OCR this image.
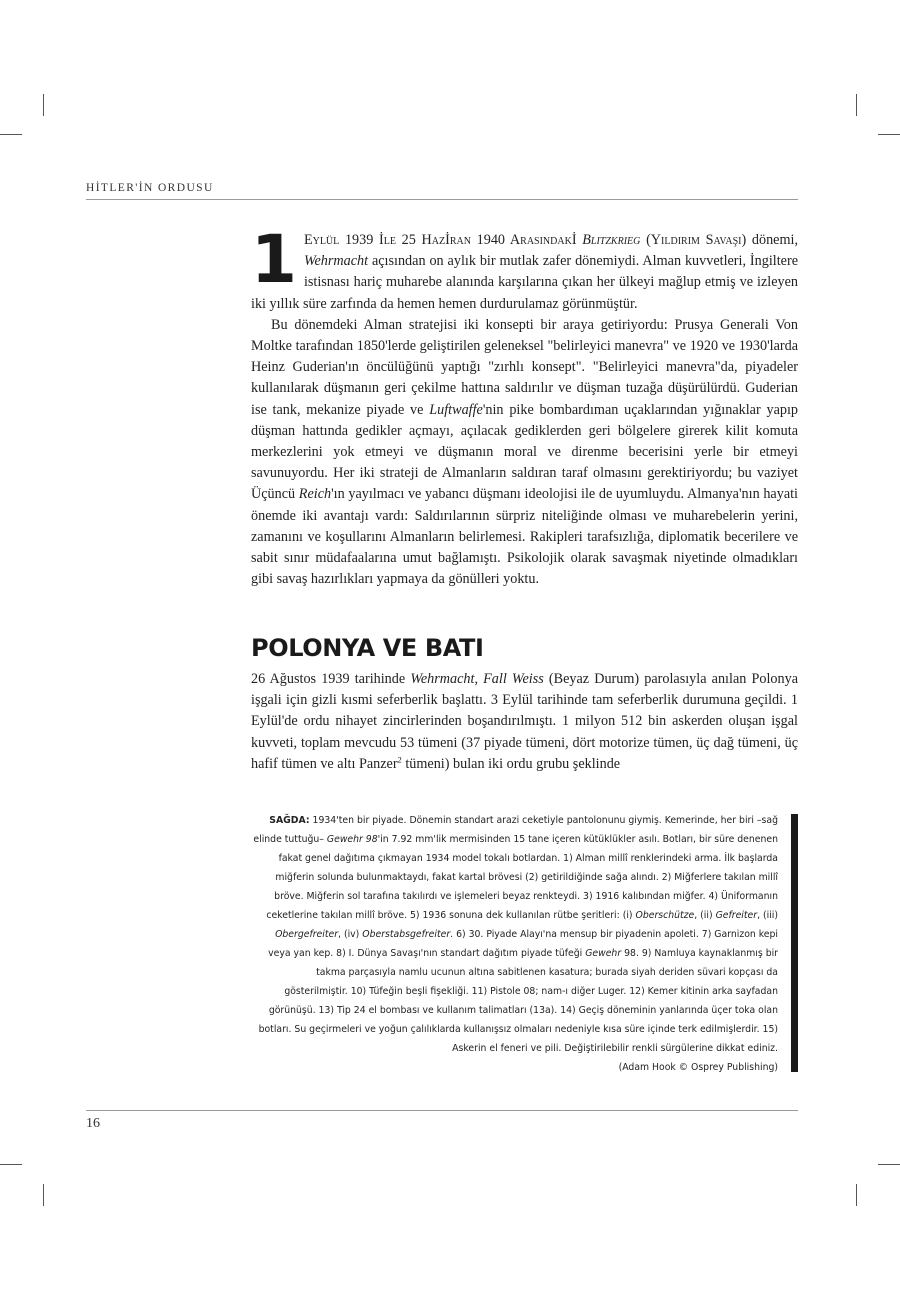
HİTLER'İN ORDUSU

1 Eylül 1939 İle 25 Hazİran 1940 Arasındakİ Blitzkrieg (Yıldırım Savaşı) dönemi, Wehrmacht açısından on aylık bir mutlak zafer dönemiydi. Alman kuvvetleri, İngiltere istisnası hariç muharebe alanında karşılarına çıkan her ülkeyi mağlup etmiş ve izleyen iki yıllık süre zarfında da hemen hemen durdurulamaz görünmüştür.

Bu dönemdeki Alman stratejisi iki konsepti bir araya getiriyordu: Prusya Generali Von Moltke tarafından 1850'lerde geliştirilen geleneksel "belirleyici manevra" ve 1920 ve 1930'larda Heinz Guderian'ın öncülüğünü yaptığı "zırhlı konsept". "Belirleyici manevra"da, piyadeler kullanılarak düşmanın geri çekilme hattına saldırılır ve düşman tuzağa düşürülürdü. Guderian ise tank, mekanize piyade ve Luftwaffe'nin pike bombardıman uçaklarından yığınaklar yapıp düşman hattında gedikler açmayı, açılacak gediklerden geri bölgelere girerek kilit komuta merkezlerini yok etmeyi ve düşmanın moral ve direnme becerisini yerle bir etmeyi savunuyordu. Her iki strateji de Almanların saldıran taraf olmasını gerektiriyordu; bu vaziyet Üçüncü Reich'ın yayılmacı ve yabancı düşmanı ideolojisi ile de uyumluydu. Almanya'nın hayati önemde iki avantajı vardı: Saldırılarının sürpriz niteliğinde olması ve muharebelerin yerini, zamanını ve koşullarını Almanların belirlemesi. Rakipleri tarafsızlığa, diplomatik becerilere ve sabit sınır müdafaalarına umut bağlamıştı. Psikolojik olarak savaşmak niyetinde olmadıkları gibi savaş hazırlıkları yapmaya da gönülleri yoktu.

POLONYA VE BATI

26 Ağustos 1939 tarihinde Wehrmacht, Fall Weiss (Beyaz Durum) parolasıyla anılan Polonya işgali için gizli kısmi seferberlik başlattı. 3 Eylül tarihinde tam seferberlik durumuna geçildi. 1 Eylül'de ordu nihayet zincirlerinden boşandırılmıştı. 1 milyon 512 bin askerden oluşan işgal kuvveti, toplam mevcudu 53 tümeni (37 piyade tümeni, dört motorize tümen, üç dağ tümeni, üç hafif tümen ve altı Panzer$^2$ tümeni) bulan iki ordu grubu şeklinde

SAĞDA: 1934'ten bir piyade. Dönemin standart arazi ceketiyle pantolonunu giymiş. Kemerinde, her biri –sağ elinde tuttuğu– Gewehr 98'in 7.92 mm'lik mermisinden 15 tane içeren kütüklükler asılı. Botları, bir süre denenen fakat genel dağıtıma çıkmayan 1934 model tokalı botlardan. 1) Alman millî renklerindeki arma. İlk başlarda miğferin solunda bulunmaktaydı, fakat kartal brövesi (2) getirildiğinde sağa alındı. 2) Miğferlere takılan millî bröve. Miğferin sol tarafına takılırdı ve işlemeleri beyaz renkteydi. 3) 1916 kalıbından miğfer. 4) Üniformanın ceketlerine takılan millî bröve. 5) 1936 sonuna dek kullanılan rütbe şeritleri: (i) Oberschütze, (ii) Gefreiter, (iii) Obergefreiter, (iv) Oberstabsgefreiter. 6) 30. Piyade Alayı'na mensup bir piyadenin apoleti. 7) Garnizon kepi veya yan kep. 8) I. Dünya Savaşı'nın standart dağıtım piyade tüfeği Gewehr 98. 9) Namluya kaynaklanmış bir takma parçasıyla namlu ucunun altına sabitlenen kasatura; burada siyah deriden süvari kopçası da gösterilmiştir. 10) Tüfeğin beşli fişekliği. 11) Pistole 08; nam-ı diğer Luger. 12) Kemer kitinin arka sayfadan görünüşü. 13) Tip 24 el bombası ve kullanım talimatları (13a). 14) Geçiş döneminin yanlarında üçer toka olan botları. Su geçirmeleri ve yoğun çalılıklarda kullanışsız olmaları nedeniyle kısa süre içinde terk edilmişlerdir. 15) Askerin el feneri ve pili. Değiştirilebilir renkli sürgülerine dikkat ediniz.
(Adam Hook © Osprey Publishing)
16
